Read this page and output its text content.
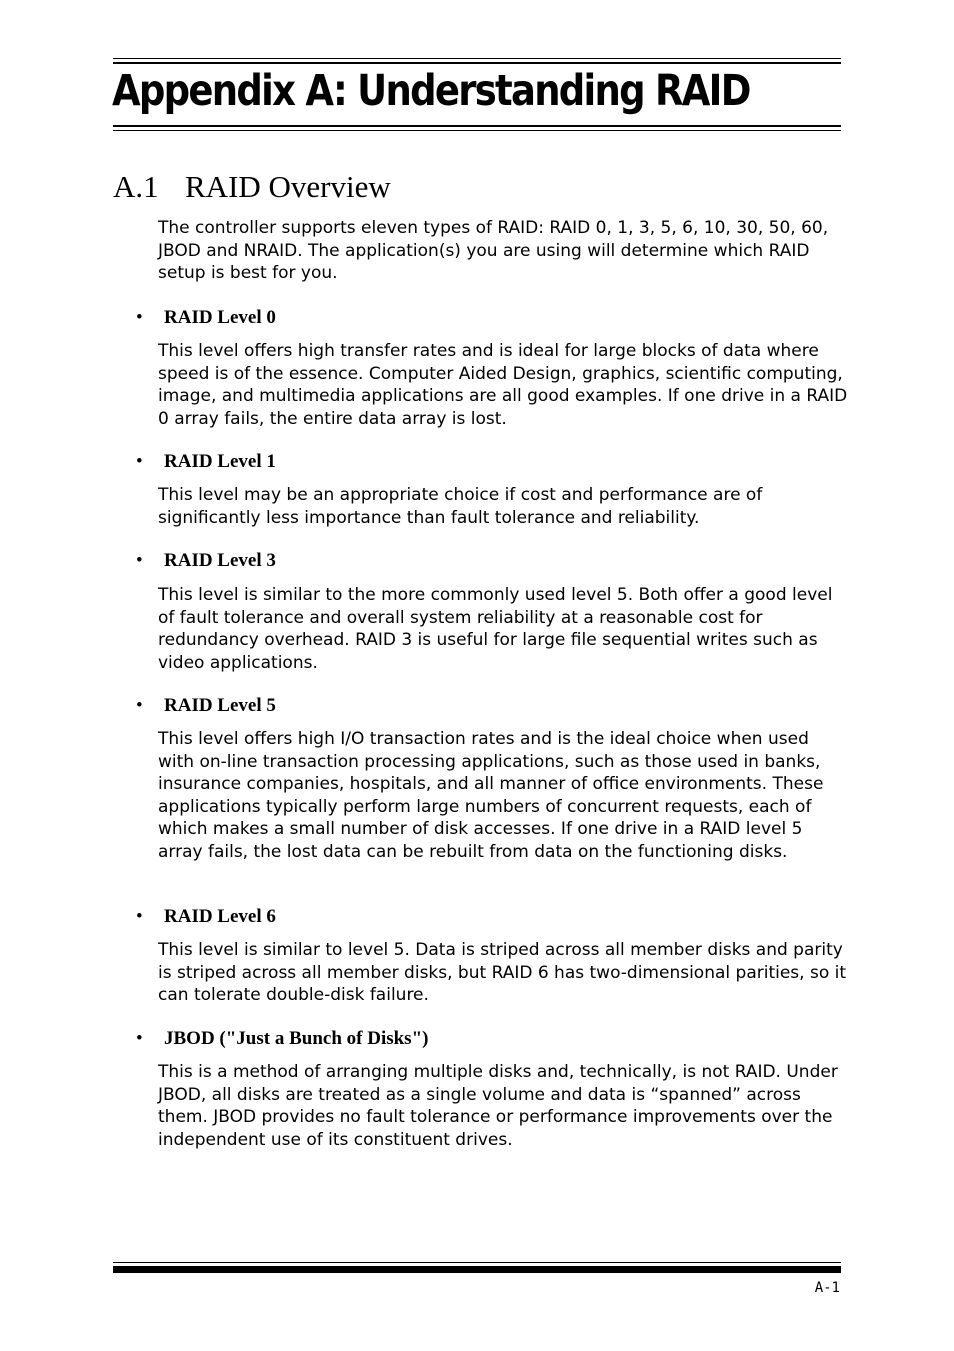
Appendix A: Understanding RAID
A.1 RAID Overview

The controller supports eleven types of RAID: RAID 0, 1, 3, 5, 6, 10, 30, 50, 60, JBOD and NRAID. The application(s) you are using will determine which RAID setup is best for you.

• RAID Level 0

This level offers high transfer rates and is ideal for large blocks of data where speed is of the essence. Computer Aided Design, graphics, scientific computing, image, and multimedia applications are all good examples. If one drive in a RAID 0 array fails, the entire data array is lost.

• RAID Level 1

This level may be an appropriate choice if cost and performance are of significantly less importance than fault tolerance and reliability.

• RAID Level 3

This level is similar to the more commonly used level 5. Both offer a good level of fault tolerance and overall system reliability at a reasonable cost for redundancy overhead. RAID 3 is useful for large file sequential writes such as video applications.

• RAID Level 5

This level offers high I/O transaction rates and is the ideal choice when used with on-line transaction processing applications, such as those used in banks, insurance companies, hospitals, and all manner of office environments. These applications typically perform large numbers of concurrent requests, each of which makes a small number of disk accesses. If one drive in a RAID level 5 array fails, the lost data can be rebuilt from data on the functioning disks.

• RAID Level 6

This level is similar to level 5. Data is striped across all member disks and parity is striped across all member disks, but RAID 6 has two-dimensional parities, so it can tolerate double-disk failure.

• JBOD ("Just a Bunch of Disks")

This is a method of arranging multiple disks and, technically, is not RAID. Under JBOD, all disks are treated as a single volume and data is “spanned” across them. JBOD provides no fault tolerance or performance improvements over the independent use of its constituent drives.

A-1
